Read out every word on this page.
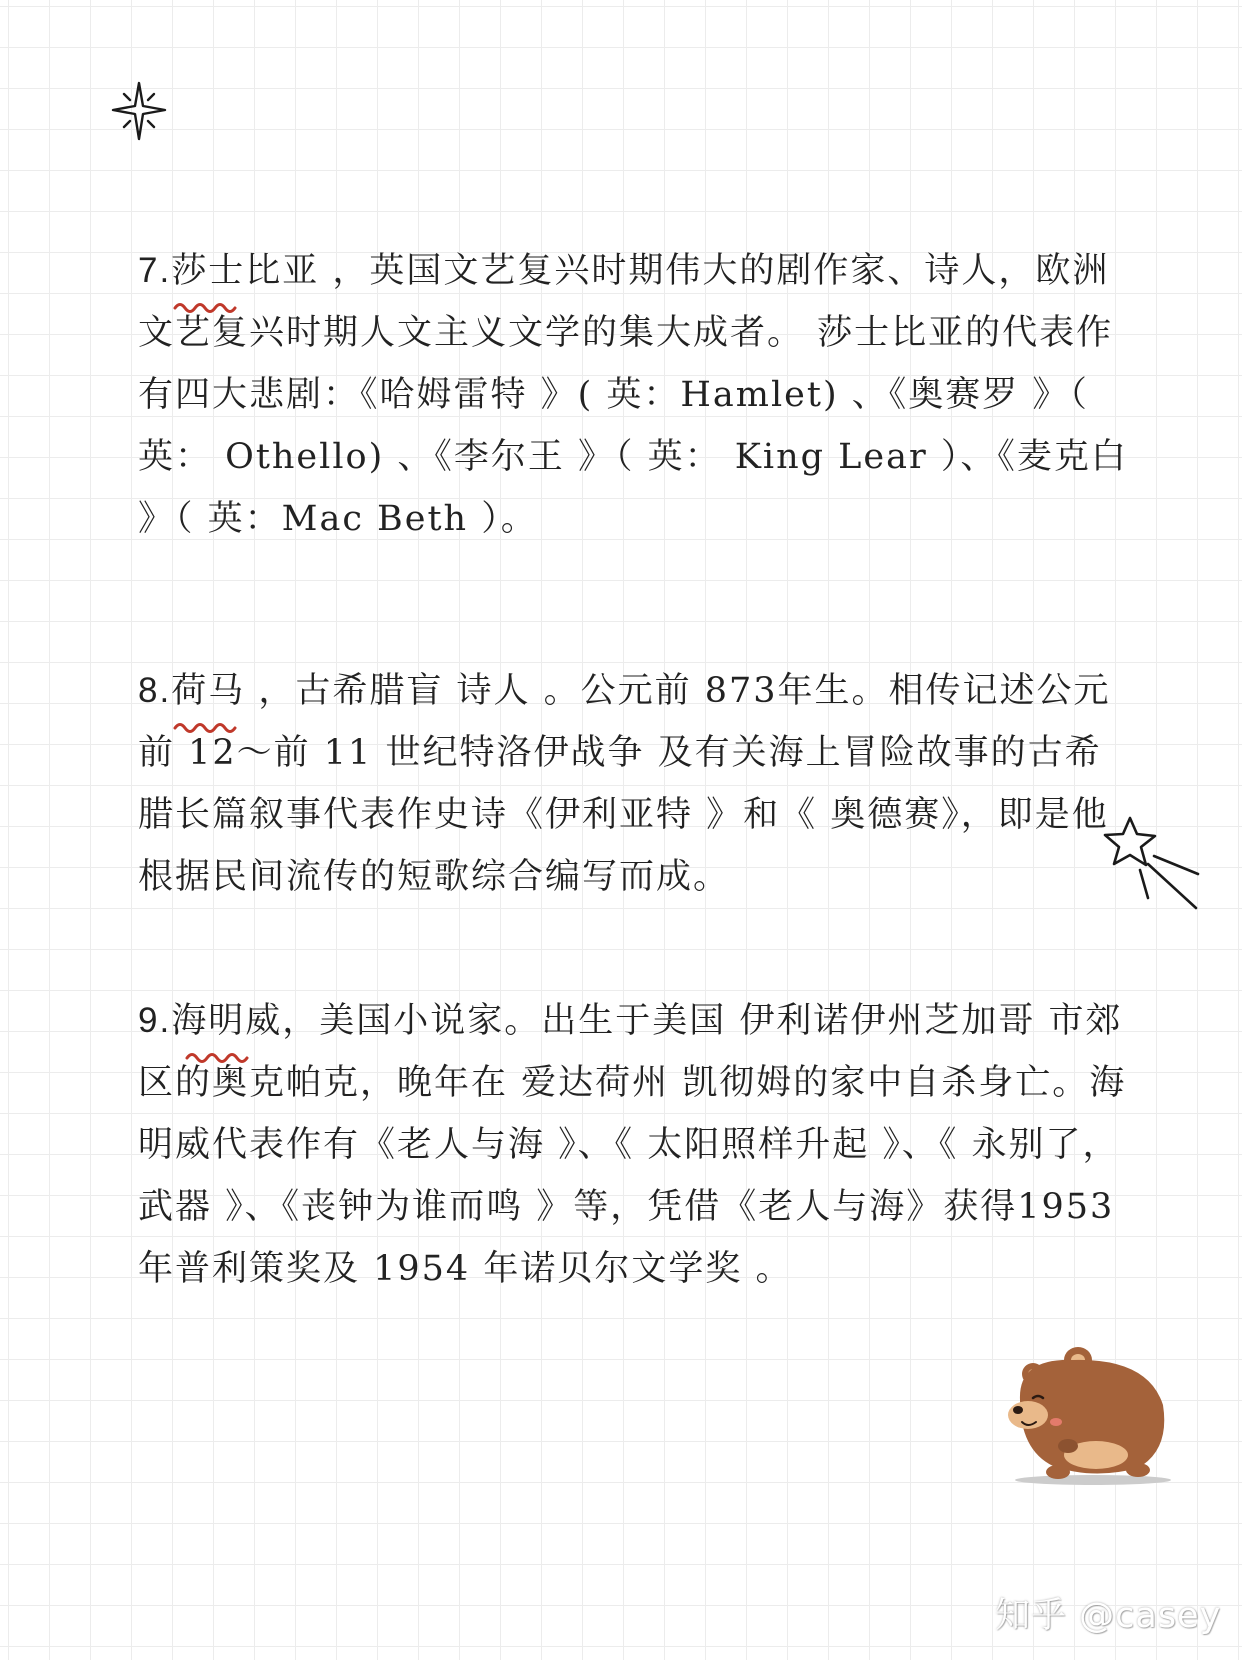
7.莎士比亚
，英国文艺复兴时期伟大的剧作家、诗人，欧洲文艺复兴时期人文主义文学的集大成者。 莎士比亚的代表作有四大悲剧：《哈姆雷特 》( 英：Hamlet) 、《奥赛罗 》（ 英： Othello) 、《李尔王 》（ 英： King Lear ）、《麦克白 》（ 英：Mac Beth ）。

8.荷马
，古希腊盲 诗人 。公元前 873年生。相传记述公元前 12～前 11 世纪特洛伊战争 及有关海上冒险故事的古希腊长篇叙事代表作史诗《伊利亚特 》和《 奥德赛》，即是他根据民间流传的短歌综合编写而成。

9.海明威
，美国小说家。出生于美国 伊利诺伊州芝加哥 市郊区的奥克帕克，晚年在 爱达荷州 凯彻姆的家中自杀身亡。海明威代表作有《老人与海 》、《 太阳照样升起 》、《 永别了，武器 》、《丧钟为谁而鸣 》等，凭借《老人与海》获得1953年普利策奖及 1954 年诺贝尔文学奖 。

知乎 @casey
